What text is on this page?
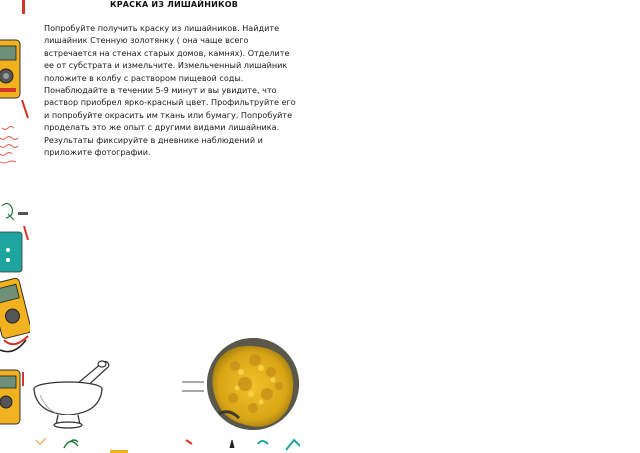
КРАСКА ИЗ ЛИШАЙНИКОВ
Попробуйте получить краску из лишайников. Найдите лишайник Стенную золотянку ( она чаще всего встречается на стенах старых домов, камнях). Отделите ее от субстрата и измельчите. Измельченный лишайник положите в колбу с раствором пищевой соды. Понаблюдайте в течении 5-9 минут и вы увидите, что раствор приобрел ярко-красный цвет. Профильтруйте его и попробуйте окрасить им ткань или бумагу. Попробуйте проделать это же опыт с другими видами лишайника. Результаты фиксируйте в дневнике наблюдений и приложите фотографии.
